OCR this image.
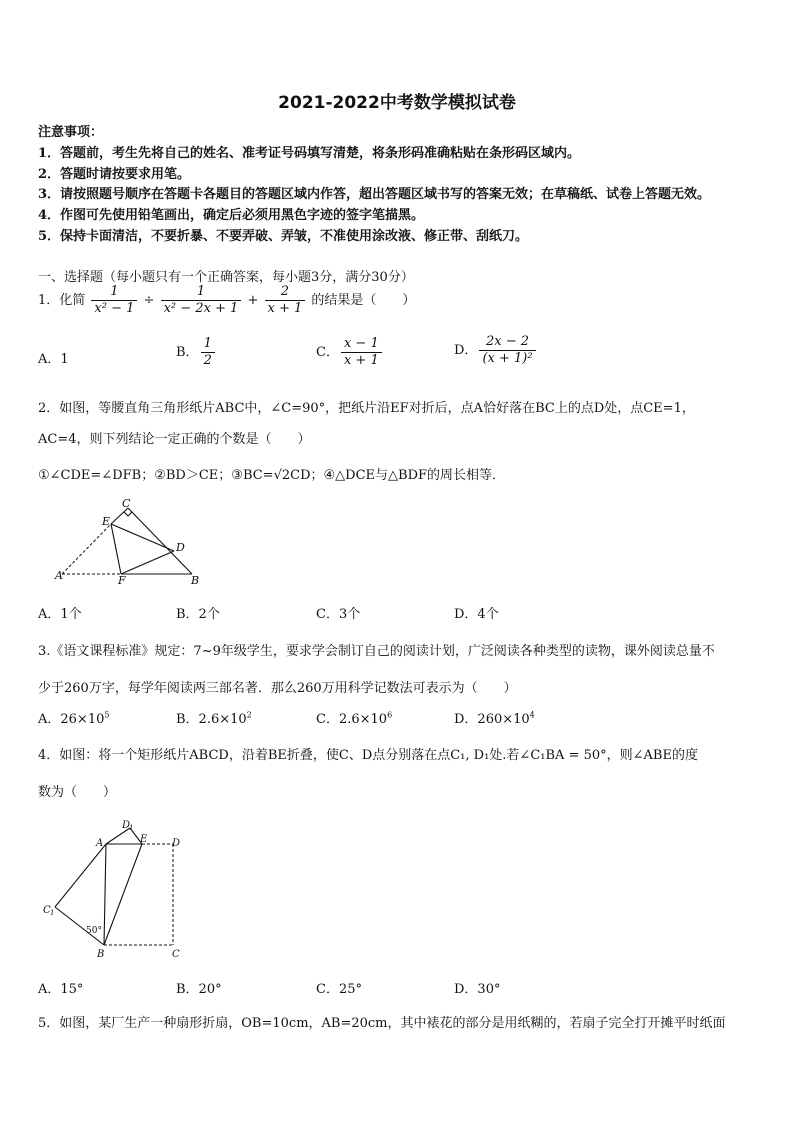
2021-2022中考数学模拟试卷
注意事项：
1．答题前，考生先将自己的姓名、准考证号码填写清楚，将条形码准确粘贴在条形码区域内。
2．答题时请按要求用笔。
3．请按照题号顺序在答题卡各题目的答题区域内作答，超出答题区域书写的答案无效；在草稿纸、试卷上答题无效。
4．作图可先使用铅笔画出，确定后必须用黑色字迹的签字笔描黑。
5．保持卡面清洁，不要折暴、不要弄破、弄皱，不准使用涂改液、修正带、刮纸刀。
一、选择题（每小题只有一个正确答案，每小题3分，满分30分）
1．化简 $\frac{1}{\text{x² − 1}} \div \frac{1}{\text{x² − 2x + 1}} + \frac{2}{x + 1}$ 的结果是（　　）
A．1	B． $\frac{1}{2}$	C． $\frac{x - 1}{x + 1}$	D． $\frac{2x - 2}{\text{(x + 1)²}}$
2．如图，等腰直角三角形纸片ABC中，∠C=90°，把纸片沿EF对折后，点A恰好落在BC上的点D处，点CE=1，
AC=4，则下列结论一定正确的个数是（　　）
①∠CDE=∠DFB；②BD＞CE；③BC=√2CD；④△DCE与△BDF的周长相等．
C
E
D
A	F	B
A．1个	B．2个	C．3个	D．4个
3.《语文课程标准》规定：7~9年级学生，要求学会制订自己的阅读计划，广泛阅读各种类型的读物，课外阅读总量不
少于260万字，每学年阅读两三部名著．那么260万用科学记数法可表示为（　　）
A．$26\times 10^5$	B．$2.6\times 10^2$	C．$2.6\times 10^6$	D．$260\times 10^4$
4．如图：将一个矩形纸片ABCD，沿着BE折叠，使C、D点分别落在点C₁, D₁处.若∠C₁BA = 50°，则∠ABE的度
数为（　　）
A	E D
D
1
C 1
B	C
50°
A．15°	B．20°	C．25°	D．30°
5．如图，某厂生产一种扇形折扇，OB=10cm，AB=20cm，其中裱花的部分是用纸糊的，若扇子完全打开摊平时纸面
